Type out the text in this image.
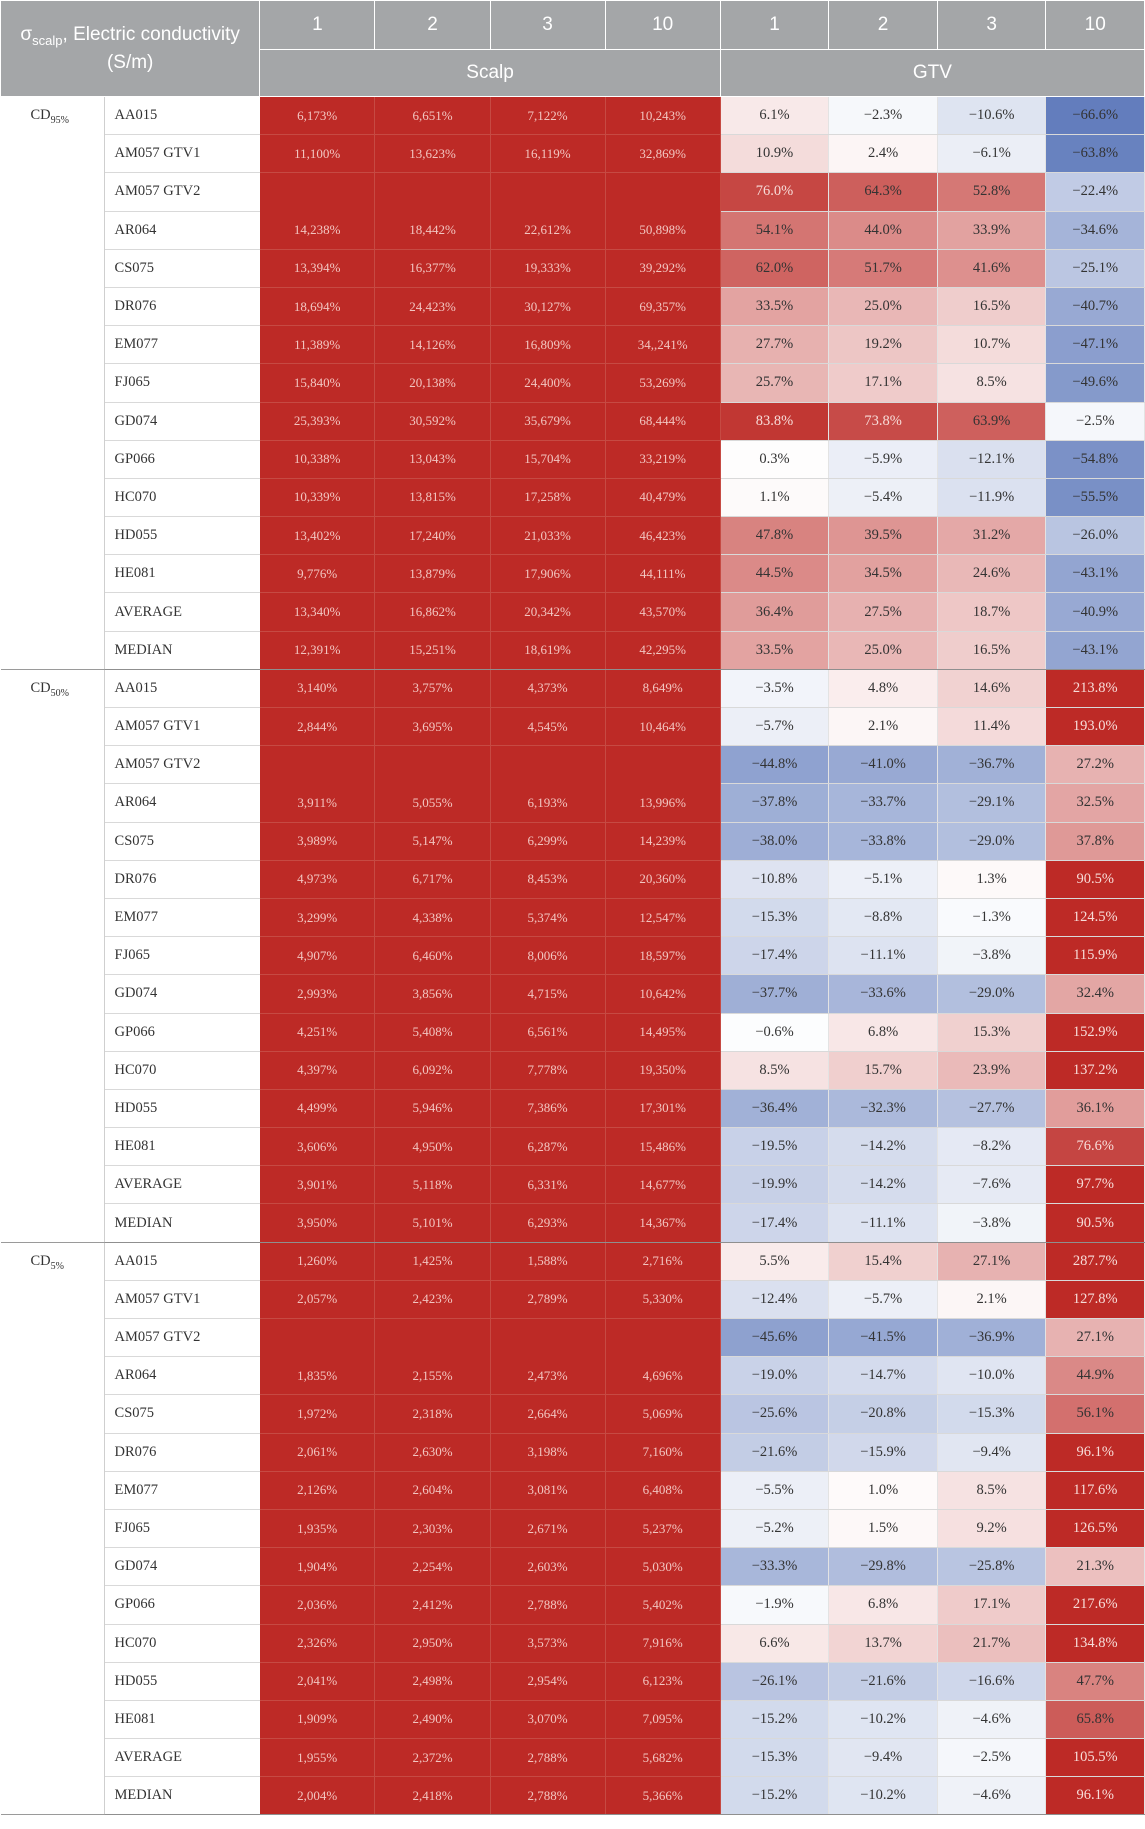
$\sigma_{scalp}$, Electric conductivity (S/m)		1	2	3	10	1	2	3	10
		Scalp				GTV			
$CD_{95\%}$	AA015	6,173%	6,651%	7,122%	10,243%	6.1%	−2.3%	−10.6%	−66.6%
	AM057 GTV1	11,100%	13,623%	16,119%	32,869%	10.9%	2.4%	−6.1%	−63.8%
	AM057 GTV2					76.0%	64.3%	52.8%	−22.4%
	AR064	14,238%	18,442%	22,612%	50,898%	54.1%	44.0%	33.9%	−34.6%
	CS075	13,394%	16,377%	19,333%	39,292%	62.0%	51.7%	41.6%	−25.1%
	DR076	18,694%	24,423%	30,127%	69,357%	33.5%	25.0%	16.5%	−40.7%
	EM077	11,389%	14,126%	16,809%	34,,241%	27.7%	19.2%	10.7%	−47.1%
	FJ065	15,840%	20,138%	24,400%	53,269%	25.7%	17.1%	8.5%	−49.6%
	GD074	25,393%	30,592%	35,679%	68,444%	83.8%	73.8%	63.9%	−2.5%
	GP066	10,338%	13,043%	15,704%	33,219%	0.3%	−5.9%	−12.1%	−54.8%
	HC070	10,339%	13,815%	17,258%	40,479%	1.1%	−5.4%	−11.9%	−55.5%
	HD055	13,402%	17,240%	21,033%	46,423%	47.8%	39.5%	31.2%	−26.0%
	HE081	9,776%	13,879%	17,906%	44,111%	44.5%	34.5%	24.6%	−43.1%
	AVERAGE	13,340%	16,862%	20,342%	43,570%	36.4%	27.5%	18.7%	−40.9%
	MEDIAN	12,391%	15,251%	18,619%	42,295%	33.5%	25.0%	16.5%	−43.1%
$CD_{50\%}$	AA015	3,140%	3,757%	4,373%	8,649%	−3.5%	4.8%	14.6%	213.8%
	AM057 GTV1	2,844%	3,695%	4,545%	10,464%	−5.7%	2.1%	11.4%	193.0%
	AM057 GTV2					−44.8%	−41.0%	−36.7%	27.2%
	AR064	3,911%	5,055%	6,193%	13,996%	−37.8%	−33.7%	−29.1%	32.5%
	CS075	3,989%	5,147%	6,299%	14,239%	−38.0%	−33.8%	−29.0%	37.8%
	DR076	4,973%	6,717%	8,453%	20,360%	−10.8%	−5.1%	1.3%	90.5%
	EM077	3,299%	4,338%	5,374%	12,547%	−15.3%	−8.8%	−1.3%	124.5%
	FJ065	4,907%	6,460%	8,006%	18,597%	−17.4%	−11.1%	−3.8%	115.9%
	GD074	2,993%	3,856%	4,715%	10,642%	−37.7%	−33.6%	−29.0%	32.4%
	GP066	4,251%	5,408%	6,561%	14,495%	−0.6%	6.8%	15.3%	152.9%
	HC070	4,397%	6,092%	7,778%	19,350%	8.5%	15.7%	23.9%	137.2%
	HD055	4,499%	5,946%	7,386%	17,301%	−36.4%	−32.3%	−27.7%	36.1%
	HE081	3,606%	4,950%	6,287%	15,486%	−19.5%	−14.2%	−8.2%	76.6%
	AVERAGE	3,901%	5,118%	6,331%	14,677%	−19.9%	−14.2%	−7.6%	97.7%
	MEDIAN	3,950%	5,101%	6,293%	14,367%	−17.4%	−11.1%	−3.8%	90.5%
$CD_{5\%}$	AA015	1,260%	1,425%	1,588%	2,716%	5.5%	15.4%	27.1%	287.7%
	AM057 GTV1	2,057%	2,423%	2,789%	5,330%	−12.4%	−5.7%	2.1%	127.8%
	AM057 GTV2					−45.6%	−41.5%	−36.9%	27.1%
	AR064	1,835%	2,155%	2,473%	4,696%	−19.0%	−14.7%	−10.0%	44.9%
	CS075	1,972%	2,318%	2,664%	5,069%	−25.6%	−20.8%	−15.3%	56.1%
	DR076	2,061%	2,630%	3,198%	7,160%	−21.6%	−15.9%	−9.4%	96.1%
	EM077	2,126%	2,604%	3,081%	6,408%	−5.5%	1.0%	8.5%	117.6%
	FJ065	1,935%	2,303%	2,671%	5,237%	−5.2%	1.5%	9.2%	126.5%
	GD074	1,904%	2,254%	2,603%	5,030%	−33.3%	−29.8%	−25.8%	21.3%
	GP066	2,036%	2,412%	2,788%	5,402%	−1.9%	6.8%	17.1%	217.6%
	HC070	2,326%	2,950%	3,573%	7,916%	6.6%	13.7%	21.7%	134.8%
	HD055	2,041%	2,498%	2,954%	6,123%	−26.1%	−21.6%	−16.6%	47.7%
	HE081	1,909%	2,490%	3,070%	7,095%	−15.2%	−10.2%	−4.6%	65.8%
	AVERAGE	1,955%	2,372%	2,788%	5,682%	−15.3%	−9.4%	−2.5%	105.5%
	MEDIAN	2,004%	2,418%	2,788%	5,366%	−15.2%	−10.2%	−4.6%	96.1%
